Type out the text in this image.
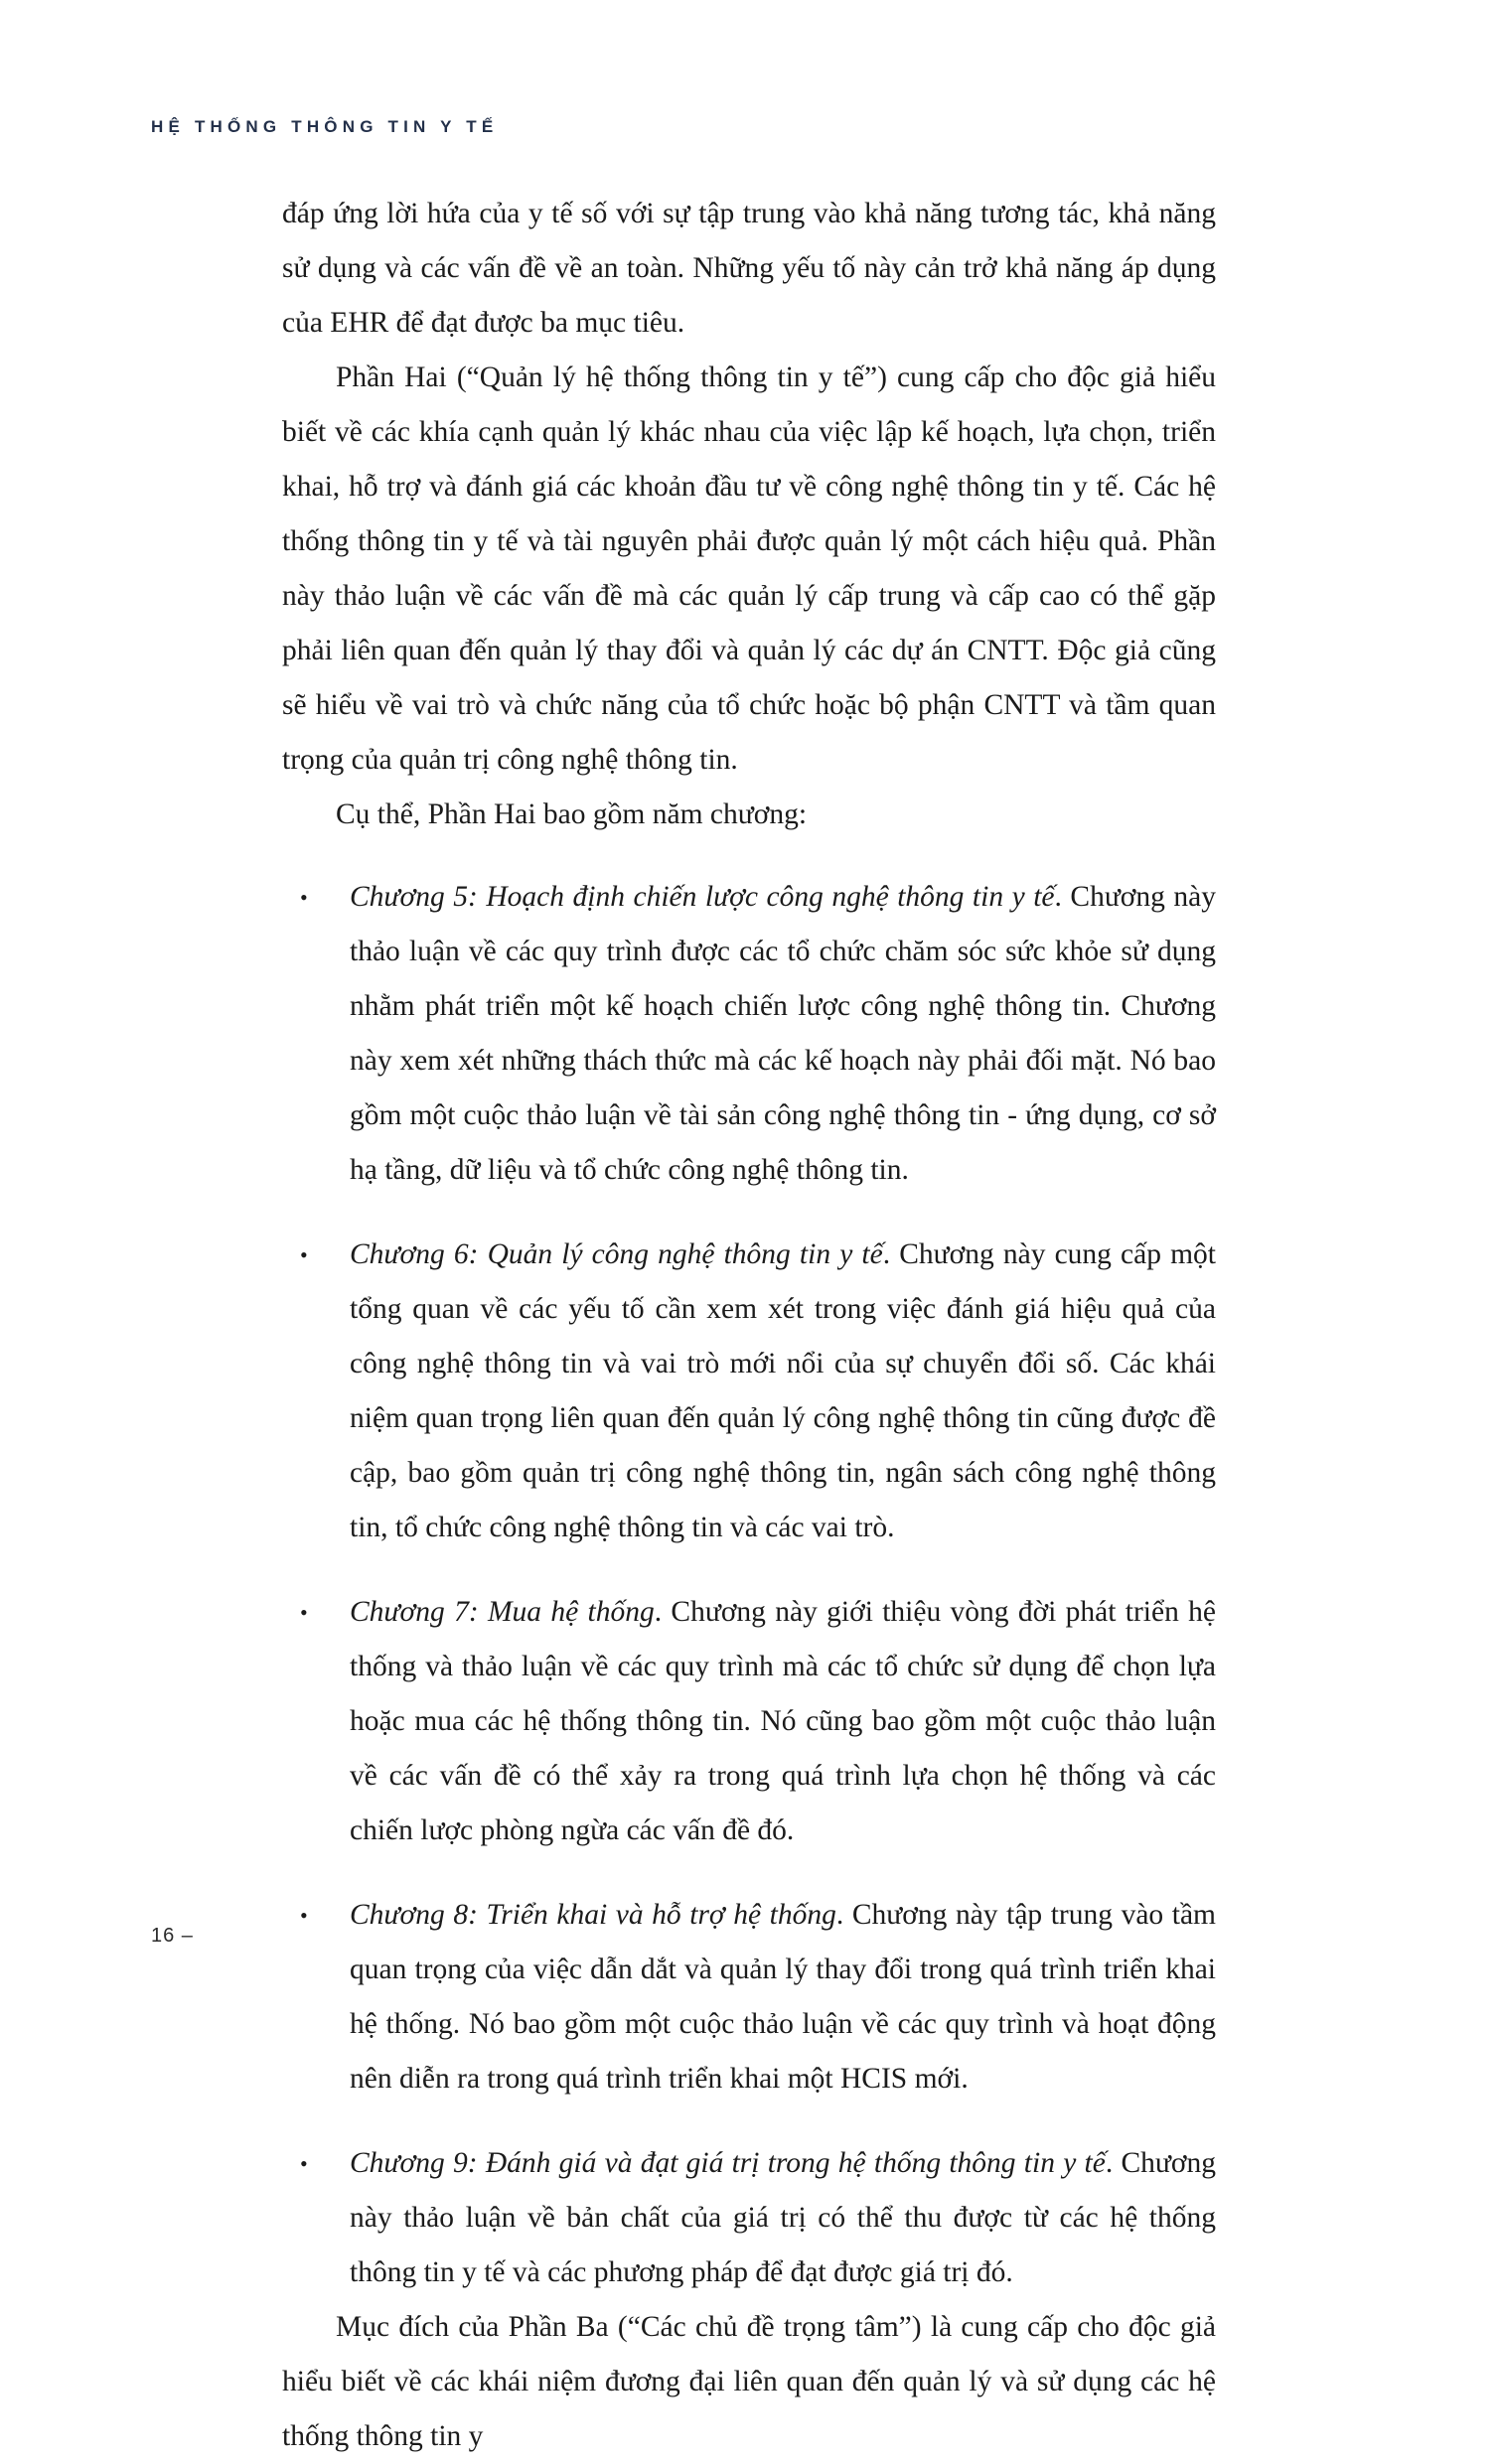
HỆ THỐNG THÔNG TIN Y TẾ

đáp ứng lời hứa của y tế số với sự tập trung vào khả năng tương tác, khả năng sử dụng và các vấn đề về an toàn. Những yếu tố này cản trở khả năng áp dụng của EHR để đạt được ba mục tiêu.

Phần Hai (“Quản lý hệ thống thông tin y tế”) cung cấp cho độc giả hiểu biết về các khía cạnh quản lý khác nhau của việc lập kế hoạch, lựa chọn, triển khai, hỗ trợ và đánh giá các khoản đầu tư về công nghệ thông tin y tế. Các hệ thống thông tin y tế và tài nguyên phải được quản lý một cách hiệu quả. Phần này thảo luận về các vấn đề mà các quản lý cấp trung và cấp cao có thể gặp phải liên quan đến quản lý thay đổi và quản lý các dự án CNTT. Độc giả cũng sẽ hiểu về vai trò và chức năng của tổ chức hoặc bộ phận CNTT và tầm quan trọng của quản trị công nghệ thông tin.

Cụ thể, Phần Hai bao gồm năm chương:

• Chương 5: Hoạch định chiến lược công nghệ thông tin y tế. Chương này thảo luận về các quy trình được các tổ chức chăm sóc sức khỏe sử dụng nhằm phát triển một kế hoạch chiến lược công nghệ thông tin. Chương này xem xét những thách thức mà các kế hoạch này phải đối mặt. Nó bao gồm một cuộc thảo luận về tài sản công nghệ thông tin - ứng dụng, cơ sở hạ tầng, dữ liệu và tổ chức công nghệ thông tin.
• Chương 6: Quản lý công nghệ thông tin y tế. Chương này cung cấp một tổng quan về các yếu tố cần xem xét trong việc đánh giá hiệu quả của công nghệ thông tin và vai trò mới nổi của sự chuyển đổi số. Các khái niệm quan trọng liên quan đến quản lý công nghệ thông tin cũng được đề cập, bao gồm quản trị công nghệ thông tin, ngân sách công nghệ thông tin, tổ chức công nghệ thông tin và các vai trò.
• Chương 7: Mua hệ thống. Chương này giới thiệu vòng đời phát triển hệ thống và thảo luận về các quy trình mà các tổ chức sử dụng để chọn lựa hoặc mua các hệ thống thông tin. Nó cũng bao gồm một cuộc thảo luận về các vấn đề có thể xảy ra trong quá trình lựa chọn hệ thống và các chiến lược phòng ngừa các vấn đề đó.
• Chương 8: Triển khai và hỗ trợ hệ thống. Chương này tập trung vào tầm quan trọng của việc dẫn dắt và quản lý thay đổi trong quá trình triển khai hệ thống. Nó bao gồm một cuộc thảo luận về các quy trình và hoạt động nên diễn ra trong quá trình triển khai một HCIS mới.
• Chương 9: Đánh giá và đạt giá trị trong hệ thống thông tin y tế. Chương này thảo luận về bản chất của giá trị có thể thu được từ các hệ thống thông tin y tế và các phương pháp để đạt được giá trị đó.

Mục đích của Phần Ba (“Các chủ đề trọng tâm”) là cung cấp cho độc giả hiểu biết về các khái niệm đương đại liên quan đến quản lý và sử dụng các hệ thống thông tin y

16 –
